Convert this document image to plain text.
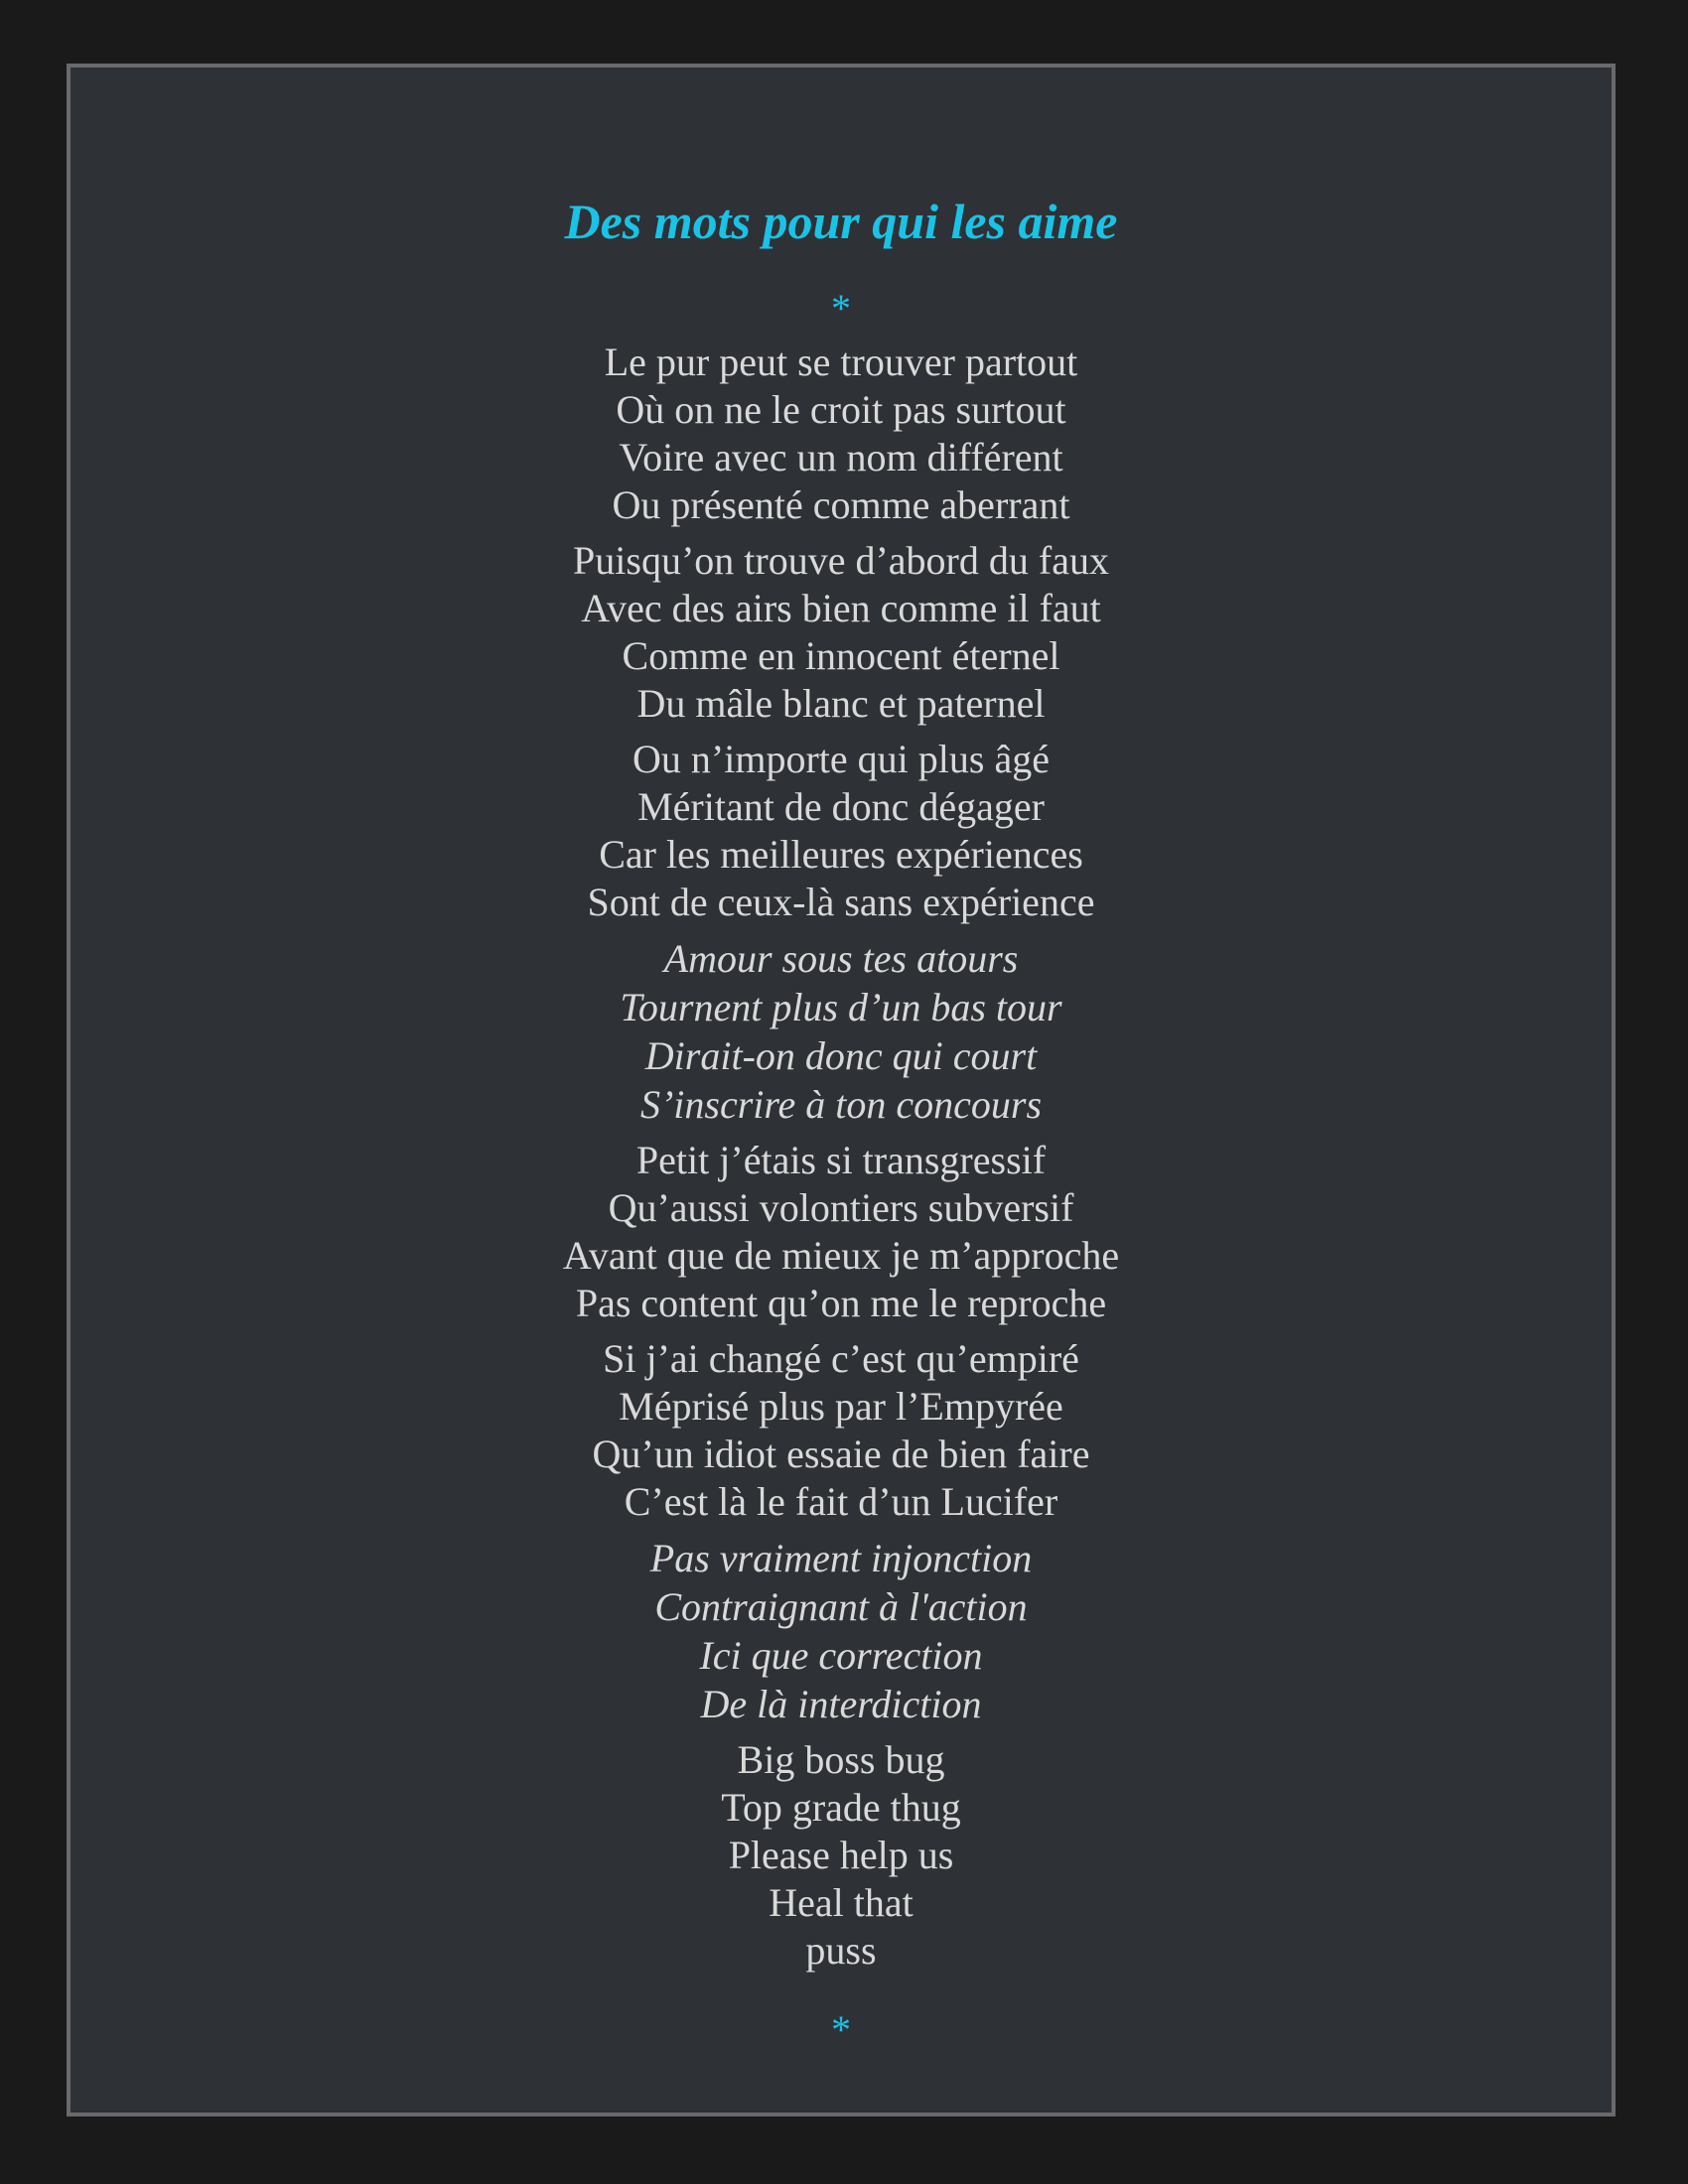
Des mots pour qui les aime
*
Le pur peut se trouver partout
Où on ne le croit pas surtout
Voire avec un nom différent
Ou présenté comme aberrant
Puisqu’on trouve d’abord du faux
Avec des airs bien comme il faut
Comme en innocent éternel
Du mâle blanc et paternel
Ou n’importe qui plus âgé
Méritant de donc dégager
Car les meilleures expériences
Sont de ceux-là sans expérience
Amour sous tes atours
Tournent plus d’un bas tour
Dirait-on donc qui court
S’inscrire à ton concours
Petit j’étais si transgressif
Qu’aussi volontiers subversif
Avant que de mieux je m’approche
Pas content qu’on me le reproche
Si j’ai changé c’est qu’empiré
Méprisé plus par l’Empyrée
Qu’un idiot essaie de bien faire
C’est là le fait d’un Lucifer
Pas vraiment injonction
Contraignant à l'action
Ici que correction
De là interdiction
Big boss bug
Top grade thug
Please help us
Heal that
puss
*
